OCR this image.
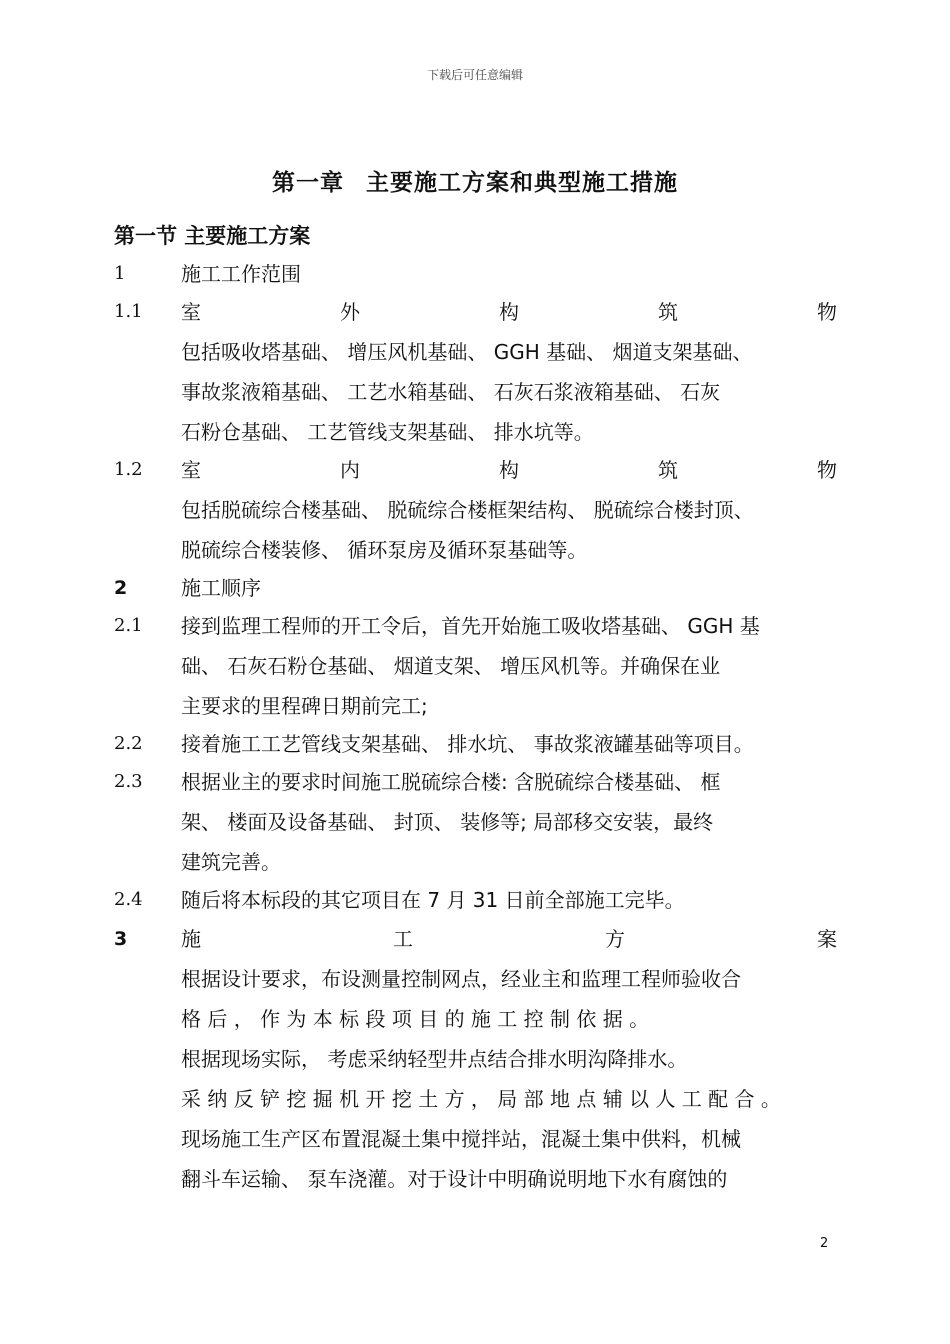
下载后可任意编辑
第一章 主要施工方案和典型施工措施
第一节 主要施工方案
1	施工工作范围
1.1 室	外	构	筑	物
包括吸收塔基础、 增压风机基础、 GGH 基础、 烟道支架基础、
事故浆液箱基础、 工艺水箱基础、 石灰石浆液箱基础、 石灰
石粉仓基础、 工艺管线支架基础、 排水坑等。
1.2 室	内	构	筑	物
包括脱硫综合楼基础、 脱硫综合楼框架结构、 脱硫综合楼封顶、
脱硫综合楼装修、 循环泵房及循环泵基础等。
2	施工顺序
2.1 接到监理工程师的开工令后，首先开始施工吸收塔基础、 GGH 基
础、 石灰石粉仓基础、 烟道支架、 增压风机等。并确保在业
主要求的里程碑日期前完工;
2.2 接着施工工艺管线支架基础、 排水坑、 事故浆液罐基础等项目。
2.3 根据业主的要求时间施工脱硫综合楼: 含脱硫综合楼基础、 框
架、 楼面及设备基础、 封顶、 装修等; 局部移交安装，最终
建筑完善。
2.4 随后将本标段的其它项目在 7 月 31 日前全部施工完毕。
3	施	工	方	案
根据设计要求，布设测量控制网点，经业主和监理工程师验收合
格 后 ， 作 为 本 标 段 项 目 的 施 工 控 制 依 据 。
根据现场实际， 考虑采纳轻型井点结合排水明沟降排水。
采 纳 反 铲 挖 掘 机 开 挖 土 方 ， 局 部 地 点 辅 以 人 工 配 合 。
现场施工生产区布置混凝土集中搅拌站，混凝土集中供料，机械
翻斗车运输、 泵车浇灌。对于设计中明确说明地下水有腐蚀的
2
